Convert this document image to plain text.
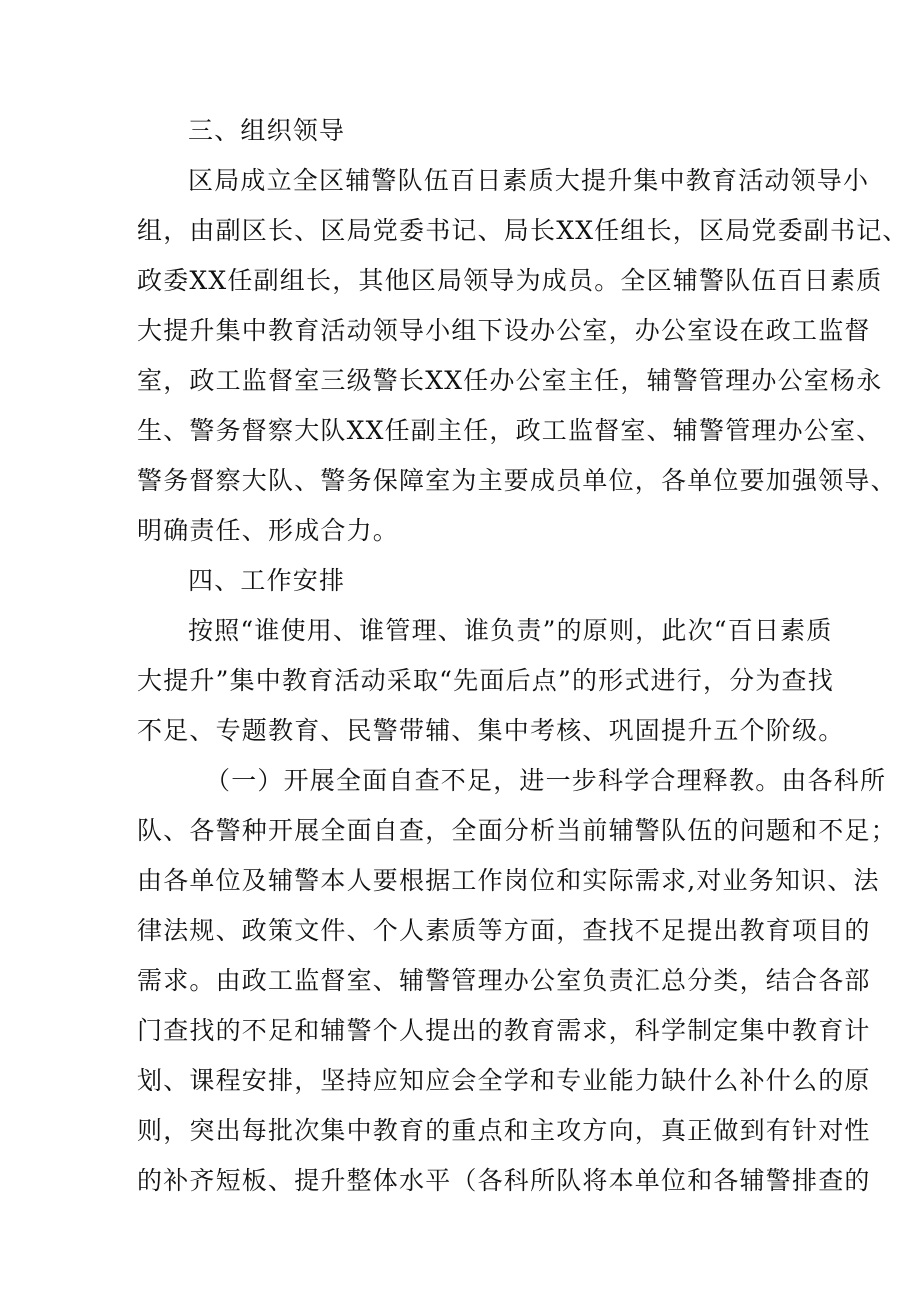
三、组织领导
区局成立全区辅警队伍百日素质大提升集中教育活动领导小
组，由副区长、区局党委书记、局长XX任组长，区局党委副书记、
政委XX任副组长，其他区局领导为成员。全区辅警队伍百日素质
大提升集中教育活动领导小组下设办公室，办公室设在政工监督
室，政工监督室三级警长XX任办公室主任，辅警管理办公室杨永
生、警务督察大队XX任副主任，政工监督室、辅警管理办公室、
警务督察大队、警务保障室为主要成员单位，各单位要加强领导、
明确责任、形成合力。
四、工作安排
按照“谁使用、谁管理、谁负责”的原则，此次“百日素质
大提升”集中教育活动采取“先面后点”的形式进行，分为查找
不足、专题教育、民警带辅、集中考核、巩固提升五个阶级。
（一）开展全面自查不足，进一步科学合理释教。由各科所
队、各警种开展全面自查，全面分析当前辅警队伍的问题和不足；
由各单位及辅警本人要根据工作岗位和实际需求,对业务知识、法
律法规、政策文件、个人素质等方面，查找不足提出教育项目的
需求。由政工监督室、辅警管理办公室负责汇总分类，结合各部
门查找的不足和辅警个人提出的教育需求，科学制定集中教育计
划、课程安排，坚持应知应会全学和专业能力缺什么补什么的原
则，突出每批次集中教育的重点和主攻方向，真正做到有针对性
的补齐短板、提升整体水平（各科所队将本单位和各辅警排查的
